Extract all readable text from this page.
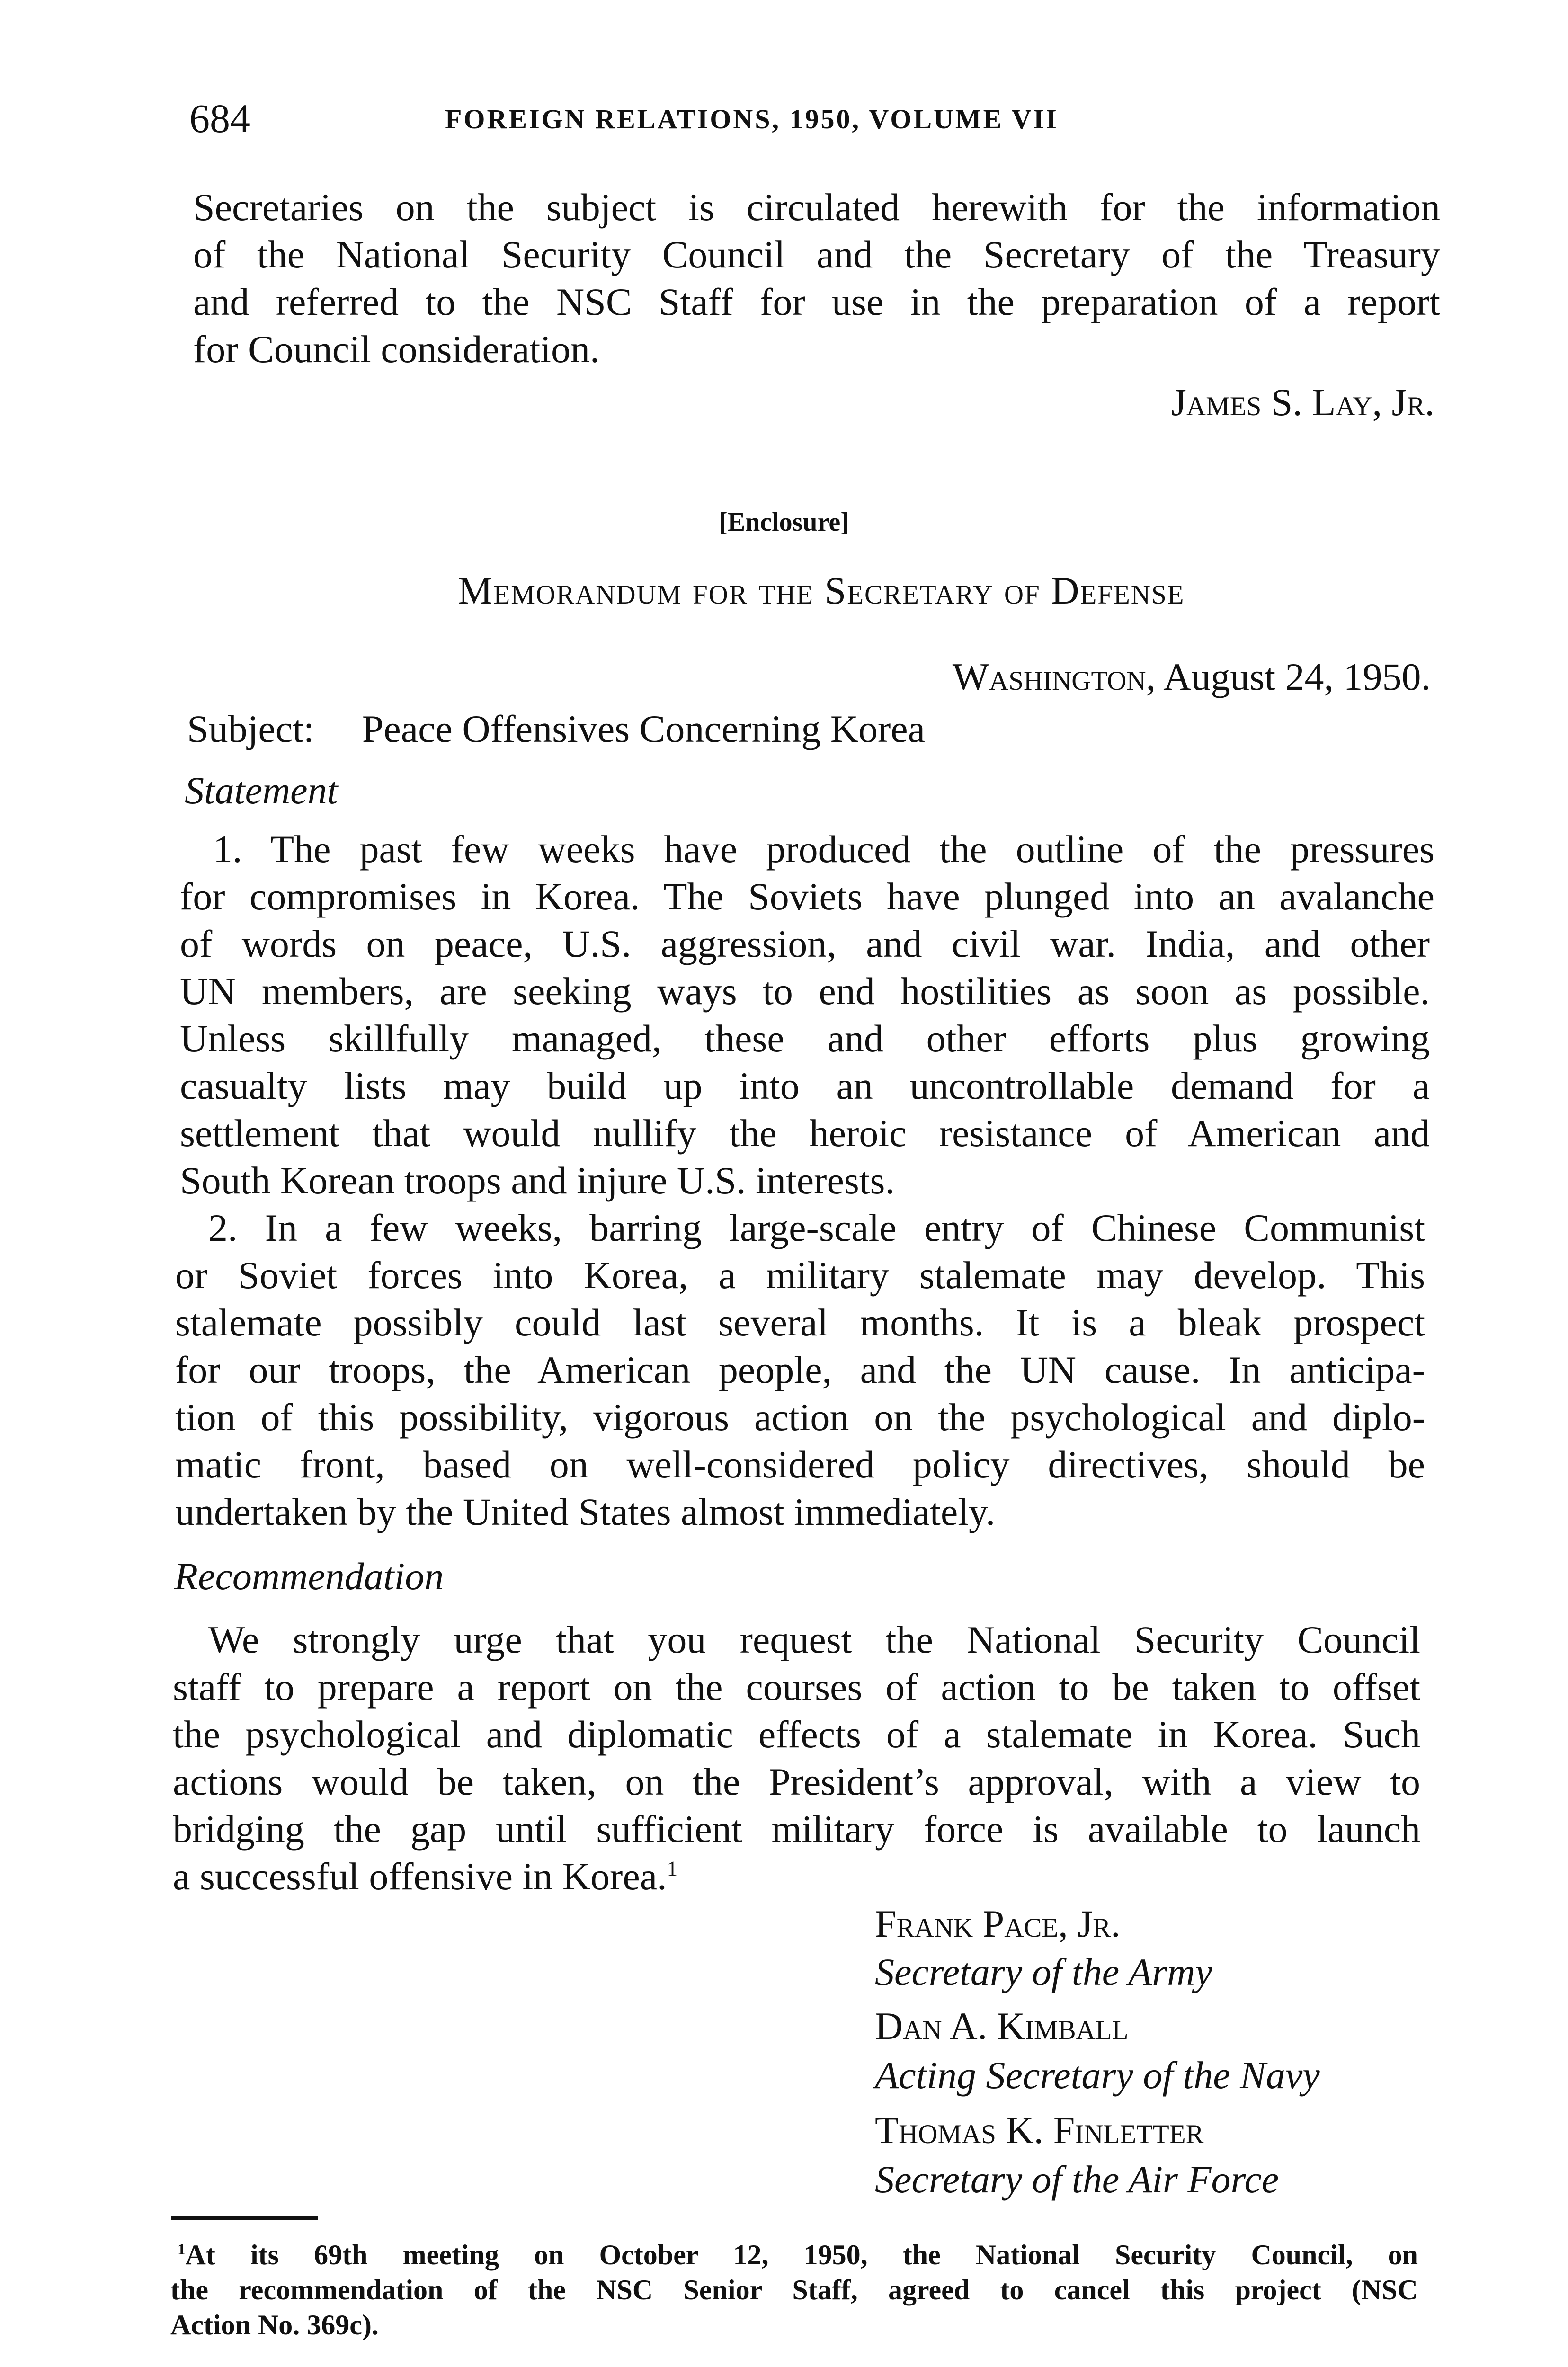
684	FOREIGN RELATIONS, 1950, VOLUME VII
Secretaries on the subject is circulated herewith for the information
of the National Security Council and the Secretary of the Treasury
and referred to the NSC Staff for use in the preparation of a report
for Council consideration.
James S. Lay, Jr.
[Enclosure]
Memorandum for the Secretary of Defense
Washington, August 24, 1950.
Subject: Peace Offensives Concerning Korea
Statement
1. The past few weeks have produced the outline of the pressures
for compromises in Korea. The Soviets have plunged into an avalanche
of words on peace, U.S. aggression, and civil war. India, and other
UN members, are seeking ways to end hostilities as soon as possible.
Unless skillfully managed, these and other efforts plus growing
casualty lists may build up into an uncontrollable demand for a
settlement that would nullify the heroic resistance of American and
South Korean troops and injure U.S. interests.
2. In a few weeks, barring large-scale entry of Chinese Communist
or Soviet forces into Korea, a military stalemate may develop. This
stalemate possibly could last several months. It is a bleak prospect
for our troops, the American people, and the UN cause. In anticipa-
tion of this possibility, vigorous action on the psychological and diplo-
matic front, based on well-considered policy directives, should be
undertaken by the United States almost immediately.
Recommendation
We strongly urge that you request the National Security Council
staff to prepare a report on the courses of action to be taken to offset
the psychological and diplomatic effects of a stalemate in Korea. Such
actions would be taken, on the President’s approval, with a view to
bridging the gap until sufficient military force is available to launch
a successful offensive in Korea.$^1$
Frank Pace, Jr.
Secretary of the Army
Dan A. Kimball
Acting Secretary of the Navy
Thomas K. Finletter
Secretary of the Air Force
$^1$At its 69th meeting on October 12, 1950, the National Security Council, on
the recommendation of the NSC Senior Staff, agreed to cancel this project (NSC
Action No. 369c).
